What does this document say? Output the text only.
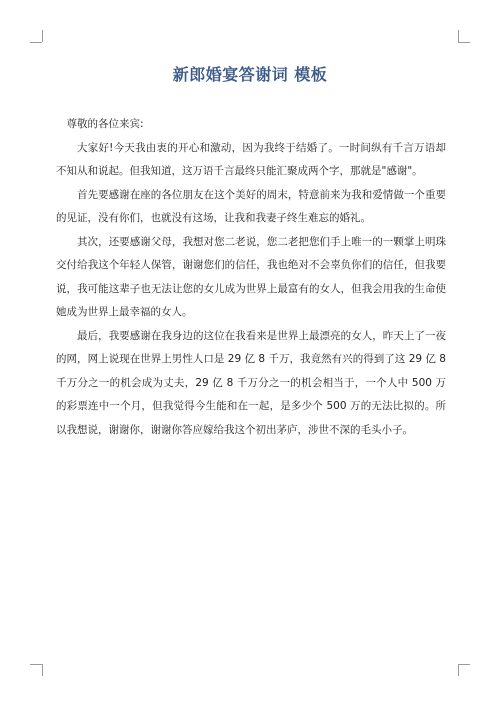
新郎婚宴答谢词 模板

尊敬的各位来宾:

大家好!今天我由衷的开心和激动，因为我终于结婚了。一时间纵有千言万语却不知从和说起。但我知道，这万语千言最终只能汇聚成两个字，那就是"感谢"。

首先要感谢在座的各位朋友在这个美好的周末，特意前来为我和爱情做一个重要的见证，没有你们，也就没有这场，让我和我妻子终生难忘的婚礼。

其次，还要感谢父母，我想对您二老说，您二老把您们手上唯一的一颗掌上明珠交付给我这个年轻人保管，谢谢您们的信任，我也绝对不会辜负你们的信任，但我要说，我可能这辈子也无法让您的女儿成为世界上最富有的女人，但我会用我的生命使她成为世界上最幸福的女人。

最后，我要感谢在我身边的这位在我看来是世界上最漂亮的女人，昨天上了一夜的网，网上说现在世界上男性人口是 29 亿 8 千万，我竟然有兴的得到了这 29 亿 8 千万分之一的机会成为丈夫，29 亿 8 千万分之一的机会相当于，一个人中 500 万的彩票连中一个月，但我觉得今生能和在一起，是多少个 500 万的无法比拟的。所以我想说，谢谢你，谢谢你答应嫁给我这个初出茅庐，涉世不深的毛头小子。
